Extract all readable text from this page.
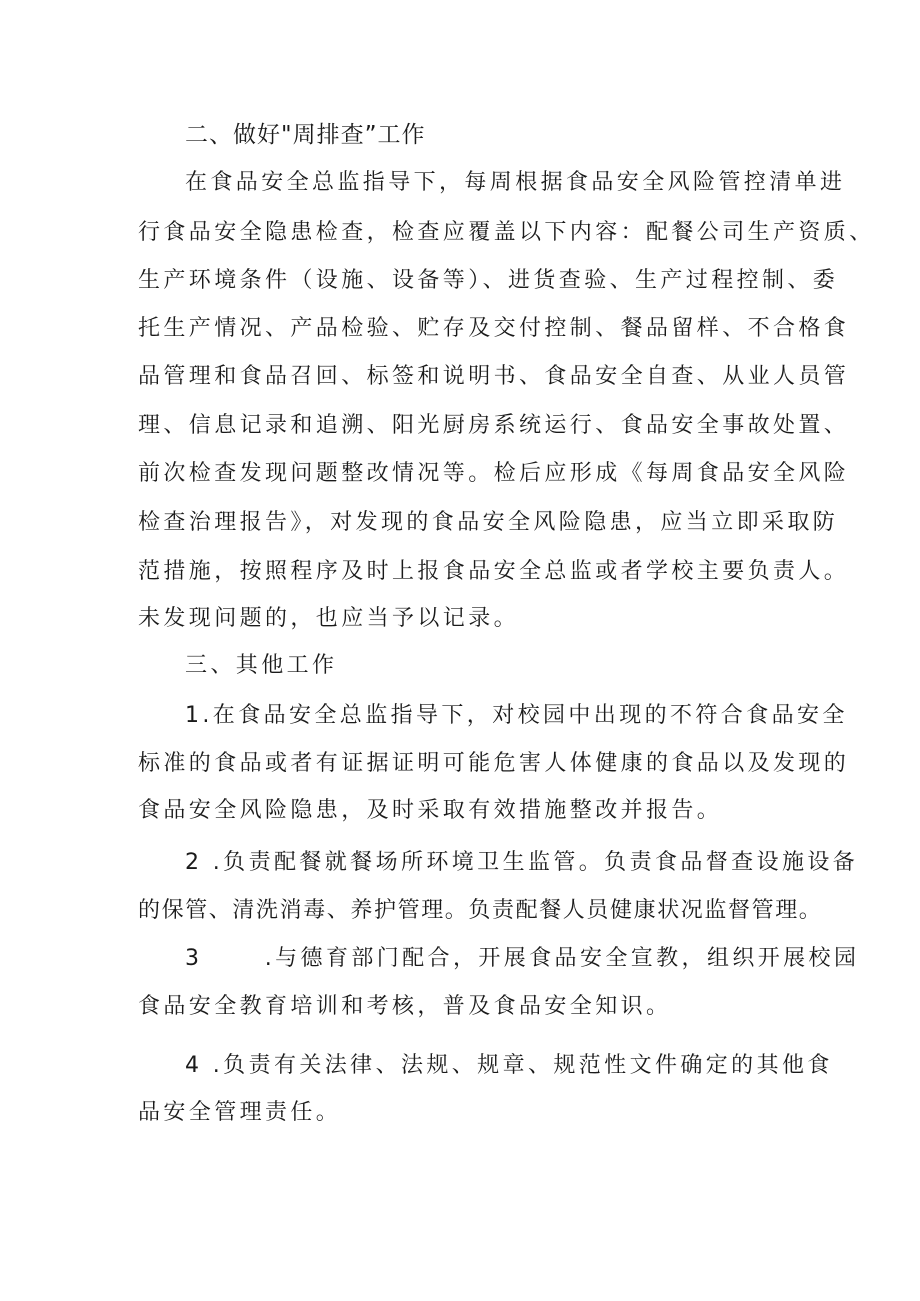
二、做好"周排查”工作
在食品安全总监指导下，每周根据食品安全风险管控清单进
行食品安全隐患检查，检查应覆盖以下内容：配餐公司生产资质、
生产环境条件（设施、设备等）、进货查验、生产过程控制、委
托生产情况、产品检验、贮存及交付控制、餐品留样、不合格食
品管理和食品召回、标签和说明书、食品安全自查、从业人员管
理、信息记录和追溯、阳光厨房系统运行、食品安全事故处置、
前次检查发现问题整改情况等。检后应形成《每周食品安全风险
检查治理报告》，对发现的食品安全风险隐患，应当立即采取防
范措施，按照程序及时上报食品安全总监或者学校主要负责人。
未发现问题的，也应当予以记录。
三、其他工作
1.在食品安全总监指导下，对校园中出现的不符合食品安全
标准的食品或者有证据证明可能危害人体健康的食品以及发现的
食品安全风险隐患，及时采取有效措施整改并报告。
2 .负责配餐就餐场所环境卫生监管。负责食品督查设施设备
的保管、清洗消毒、养护管理。负责配餐人员健康状况监督管理。
3      .与德育部门配合，开展食品安全宣教，组织开展校园
食品安全教育培训和考核，普及食品安全知识。
4 .负责有关法律、法规、规章、规范性文件确定的其他食
品安全管理责任。
